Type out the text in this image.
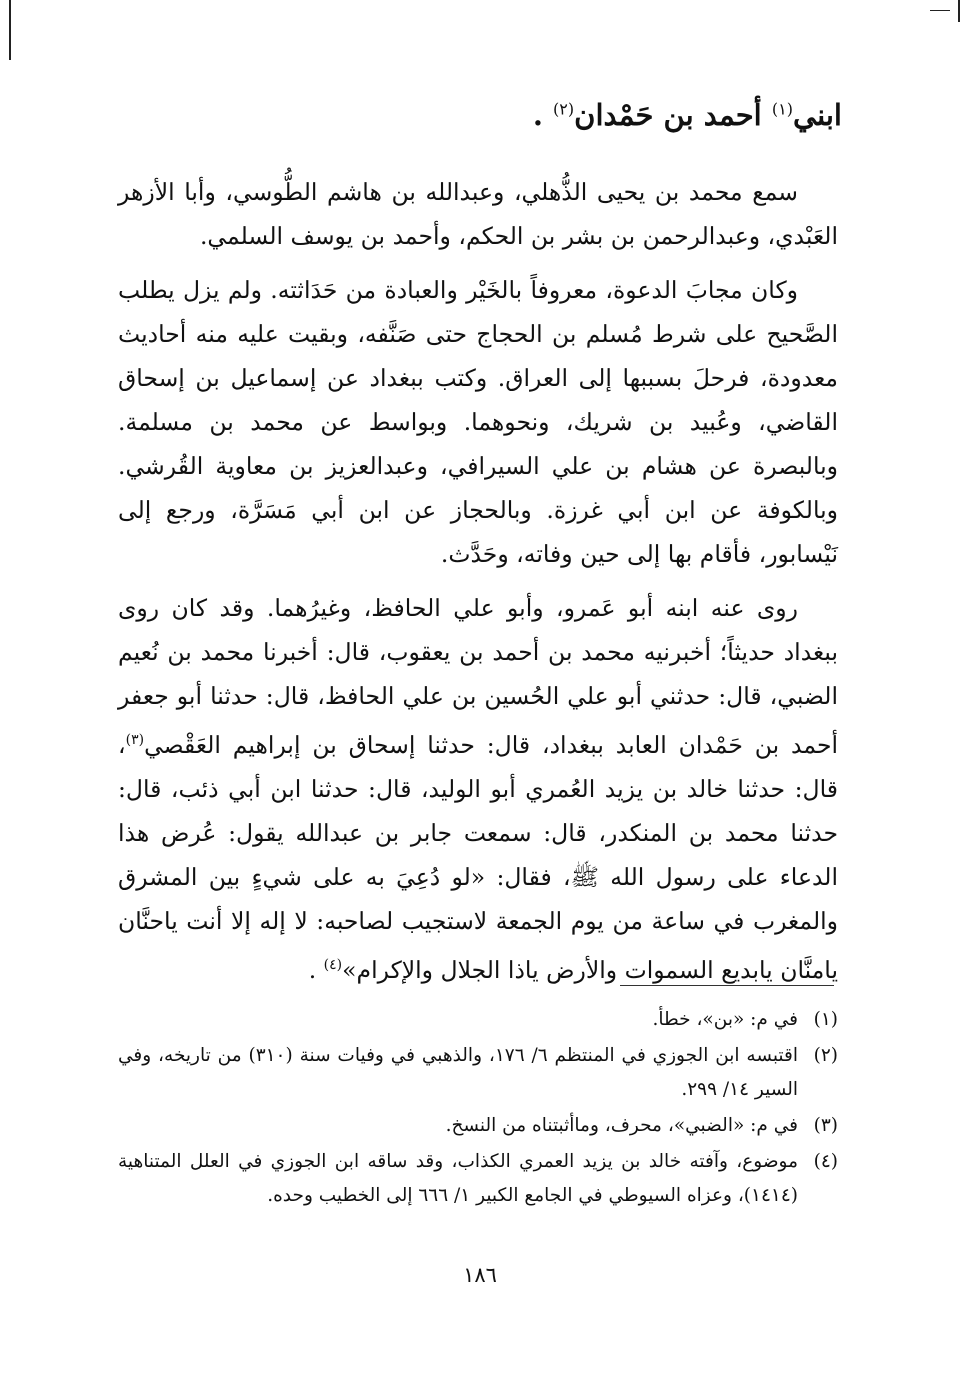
ابني$^{(١)}$ أحمد بن حَمْدان$^{(٢)}$ .

سمع محمد بن يحيى الذُّهلي، وعبدالله بن هاشم الطُّوسي، وأبا الأزهر العَبْدي، وعبدالرحمن بن بشر بن الحكم، وأحمد بن يوسف السلمي.

وكان مجابَ الدعوة، معروفاً بالخَيْر والعبادة من حَدَاثته. ولم يزل يطلب الصَّحيح على شرط مُسلم بن الحجاج حتى صَنَّفه، وبقيت عليه منه أحاديث معدودة، فرحلَ بسببها إلى العراق. وكتب ببغداد عن إسماعيل بن إسحاق القاضي، وعُبيد بن شريك، ونحوهما. وبواسط عن محمد بن مسلمة. وبالبصرة عن هشام بن علي السيرافي، وعبدالعزيز بن معاوية القُرشي. وبالكوفة عن ابن أبي غرزة. وبالحجاز عن ابن أبي مَسَرَّة، ورجع إلى نَيْسابور، فأقام بها إلى حين وفاته، وحَدَّث.

روى عنه ابنه أبو عَمرو، وأبو علي الحافظ، وغيرُهما. وقد كان روى ببغداد حديثاً؛ أخبرنيه محمد بن أحمد بن يعقوب، قال: أخبرنا محمد بن نُعيم الضبي، قال: حدثني أبو علي الحُسين بن علي الحافظ، قال: حدثنا أبو جعفر أحمد بن حَمْدان العابد ببغداد، قال: حدثنا إسحاق بن إبراهيم العَقْصي$^{(٣)}$، قال: حدثنا خالد بن يزيد العُمري أبو الوليد، قال: حدثنا ابن أبي ذئب، قال: حدثنا محمد بن المنكدر، قال: سمعت جابر بن عبدالله يقول: عُرض هذا الدعاء على رسول الله ﷺ، فقال: «لو دُعِيَ به على شيءٍ بين المشرق والمغرب في ساعة من يوم الجمعة لاستجيب لصاحبه: لا إله إلا أنت ياحنَّان يامنَّان يابديع السموات والأرض ياذا الجلال والإكرام»$^{(٤)}$ .

(١)
في م: «بن»، خطأ.
(٢)
اقتبسه ابن الجوزي في المنتظم ٦/ ١٧٦، والذهبي في وفيات سنة (٣١٠) من تاريخه، وفي السير ١٤/ ٢٩٩.
(٣)
في م: «الضبي»، محرف، وماأثبتناه من النسخ.
(٤)
موضوع، وآفته خالد بن يزيد العمري الكذاب، وقد ساقه ابن الجوزي في العلل المتناهية (١٤١٤)، وعزاه السيوطي في الجامع الكبير ١/ ٦٦٦ إلى الخطيب وحده.
١٨٦
